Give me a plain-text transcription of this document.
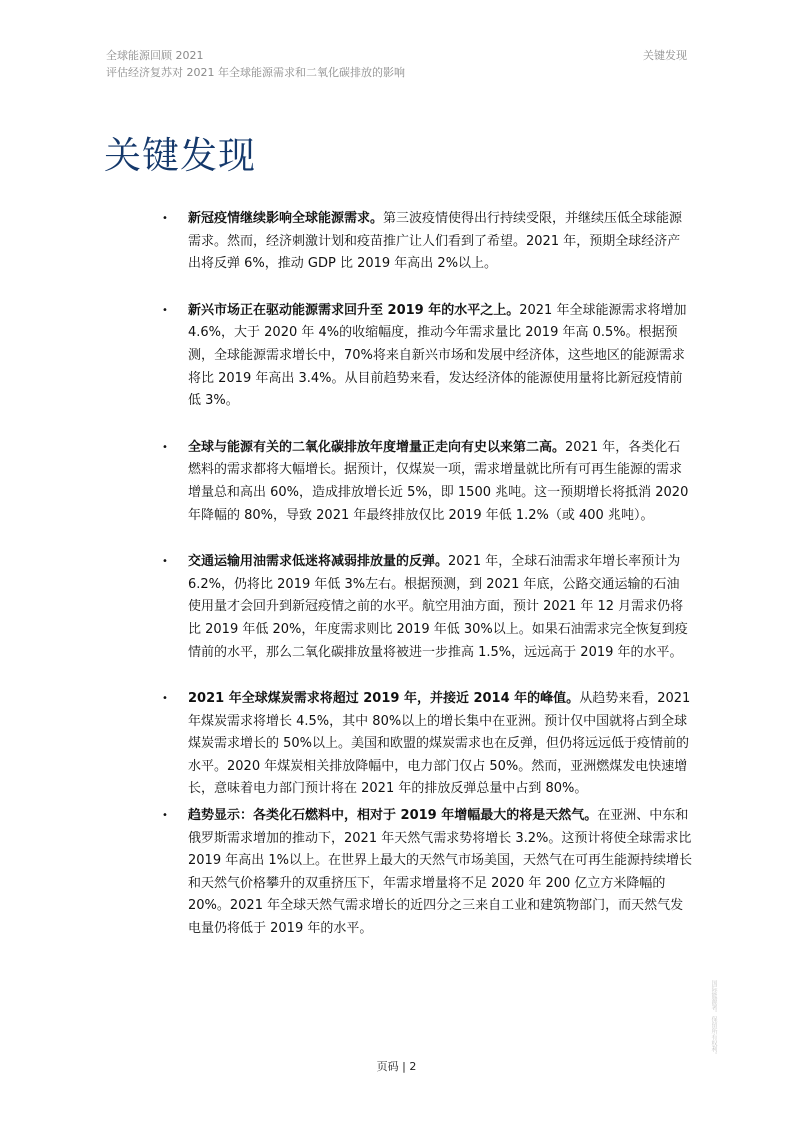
全球能源回顾 2021
评估经济复苏对 2021 年全球能源需求和二氧化碳排放的影响
关键发现
关键发现
• 新冠疫情继续影响全球能源需求。第三波疫情使得出行持续受限，并继续压低全球能源需求。然而，经济刺激计划和疫苗推广让人们看到了希望。2021 年，预期全球经济产出将反弹 6%，推动 GDP 比 2019 年高出 2%以上。
• 新兴市场正在驱动能源需求回升至 2019 年的水平之上。2021 年全球能源需求将增加 4.6%，大于 2020 年 4%的收缩幅度，推动今年需求量比 2019 年高 0.5%。根据预测，全球能源需求增长中，70%将来自新兴市场和发展中经济体，这些地区的能源需求将比 2019 年高出 3.4%。从目前趋势来看，发达经济体的能源使用量将比新冠疫情前低 3%。
• 全球与能源有关的二氧化碳排放年度增量正走向有史以来第二高。2021 年，各类化石燃料的需求都将大幅增长。据预计，仅煤炭一项，需求增量就比所有可再生能源的需求增量总和高出 60%，造成排放增长近 5%，即 1500 兆吨。这一预期增长将抵消 2020 年降幅的 80%，导致 2021 年最终排放仅比 2019 年低 1.2%（或 400 兆吨）。
• 交通运输用油需求低迷将减弱排放量的反弹。2021 年，全球石油需求年增长率预计为 6.2%，仍将比 2019 年低 3%左右。根据预测，到 2021 年底，公路交通运输的石油使用量才会回升到新冠疫情之前的水平。航空用油方面，预计 2021 年 12 月需求仍将比 2019 年低 20%，年度需求则比 2019 年低 30%以上。如果石油需求完全恢复到疫情前的水平，那么二氧化碳排放量将被进一步推高 1.5%，远远高于 2019 年的水平。
• 2021 年全球煤炭需求将超过 2019 年，并接近 2014 年的峰值。从趋势来看，2021 年煤炭需求将增长 4.5%，其中 80%以上的增长集中在亚洲。预计仅中国就将占到全球煤炭需求增长的 50%以上。美国和欧盟的煤炭需求也在反弹，但仍将远远低于疫情前的水平。2020 年煤炭相关排放降幅中，电力部门仅占 50%。然而，亚洲燃煤发电快速增长，意味着电力部门预计将在 2021 年的排放反弹总量中占到 80%。
• 趋势显示：各类化石燃料中，相对于 2019 年增幅最大的将是天然气。在亚洲、中东和俄罗斯需求增加的推动下，2021 年天然气需求势将增长 3.2%。这预计将使全球需求比 2019 年高出 1%以上。在世界上最大的天然气市场美国，天然气在可再生能源持续增长和天然气价格攀升的双重挤压下，年需求增量将不足 2020 年 200 亿立方米降幅的 20%。2021 年全球天然气需求增长的近四分之三来自工业和建筑物部门，而天然气发电量仍将低于 2019 年的水平。
页码 | 2
国际能源署。保留所有权利。
